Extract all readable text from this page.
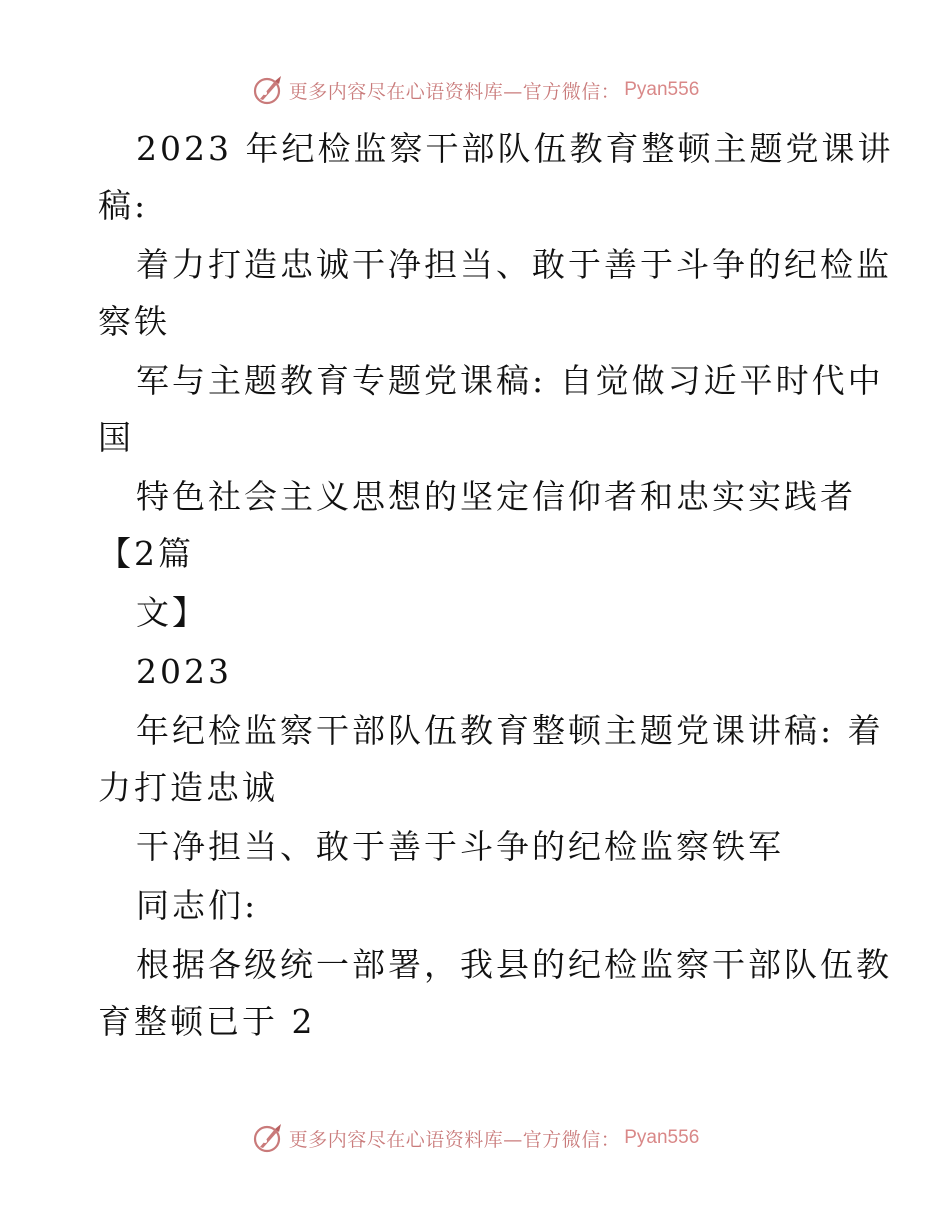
更多内容尽在心语资料库—官方微信： Pyan556
2023 年纪检监察干部队伍教育整顿主题党课讲
稿:
着力打造忠诚干净担当、敢于善于斗争的纪检监
察铁
军与主题教育专题党课稿: 自觉做习近平时代中
国
特色社会主义思想的坚定信仰者和忠实实践者
【2篇
文】
2023
年纪检监察干部队伍教育整顿主题党课讲稿: 着
力打造忠诚
干净担当、敢于善于斗争的纪检监察铁军
同志们:
根据各级统一部署，我县的纪检监察干部队伍教
育整顿已于 2
更多内容尽在心语资料库—官方微信： Pyan556
